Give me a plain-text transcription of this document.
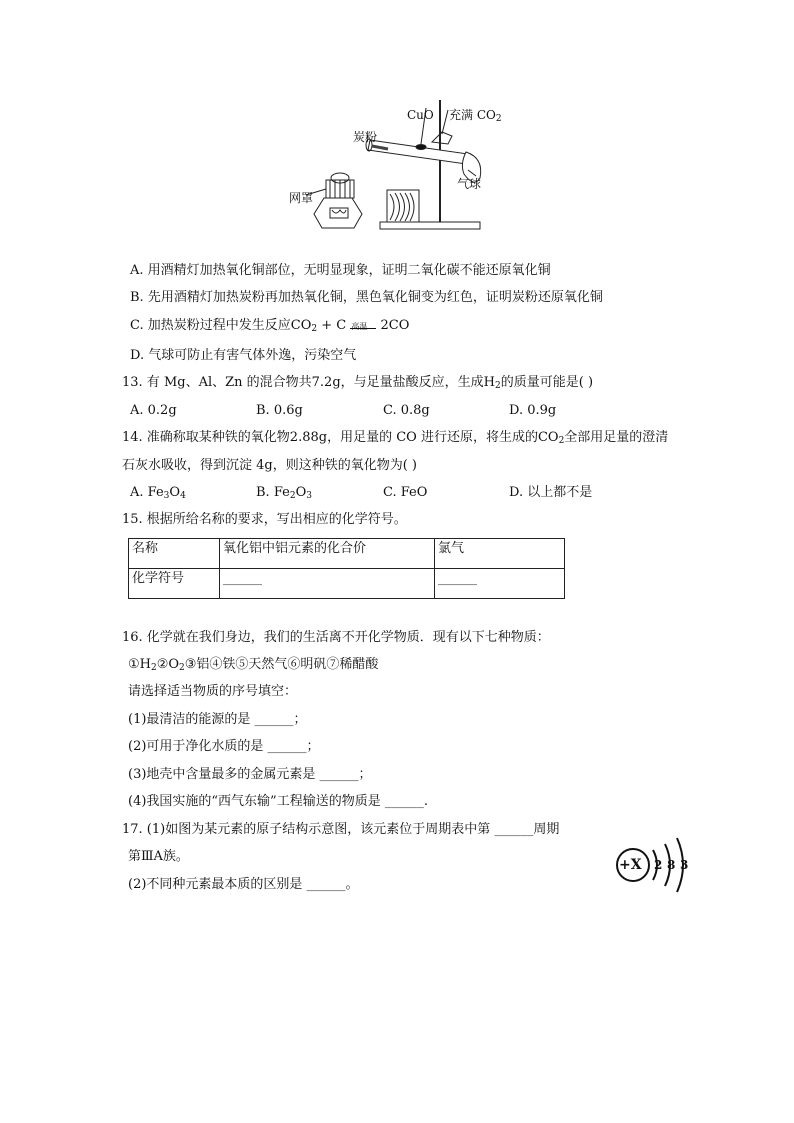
CuO 充满 $CO_2$
炭粉
气球
网罩
A. 用酒精灯加热氧化铜部位，无明显现象，证明二氧化碳不能还原氧化铜
B. 先用酒精灯加热炭粉再加热氧化铜，黑色氧化铜变为红色，证明炭粉还原氧化铜
C. 加热炭粉过程中发生反应$CO_2 + C$ 高温 2CO
D. 气球可防止有害气体外逸，污染空气
13. 有 Mg、Al、Zn 的混合物共7.2g，与足量盐酸反应，生成$H_2$的质量可能是( )
A. 0.2g	B. 0.6g	C. 0.8g	D. 0.9g
14. 准确称取某种铁的氧化物2.88g，用足量的 CO 进行还原，将生成的$CO_2$全部用足量的澄清
石灰水吸收，得到沉淀 4g，则这种铁的氧化物为( )
A. $Fe_3O_4$	B. $Fe_2O_3$	C. FeO	D. 以上都不是
15. 根据所给名称的要求，写出相应的化学符号。
名称	氧化铝中铝元素的化合价	氯气
化学符号	______	______
16. 化学就在我们身边，我们的生活离不开化学物质．现有以下七种物质：
$①H_2②O_2③$铝④铁⑤天然气⑥明矾⑦稀醋酸
请选择适当物质的序号填空：
(1)最清洁的能源的是 ______；
(2)可用于净化水质的是 ______；
(3)地壳中含量最多的金属元素是 ______；
(4)我国实施的“西气东输”工程输送的物质是 ______.
17. (1)如图为某元素的原子结构示意图，该元素位于周期表中第 ______周期
第ⅢA族。
(2)不同种元素最本质的区别是 ______。
+X 2 8 3
